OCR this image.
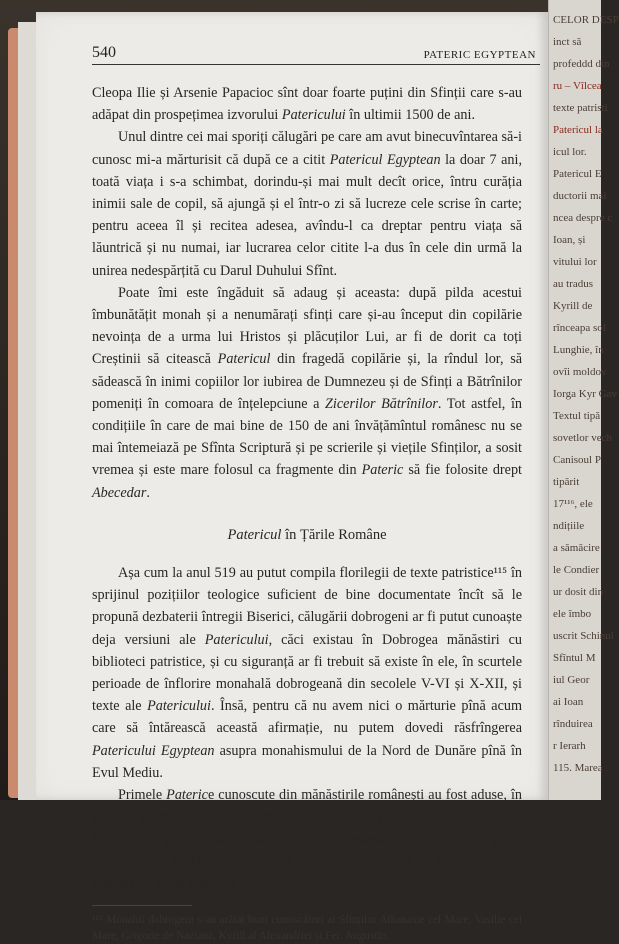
CELOR DESP
inct să
profeddd din
ru – Vîlcea
texte patristi
Patericul la
icul lor.
Patericul E
ductorii mai
ncea despre c
Ioan, și
vitului lor
au tradus
Kyrill de
rînceapa sol
Lunghie, în
ovîi moldov
Iorga Kyr Gav
Textul tipă
sovetlor vech
Canisoul P
tipărit
17¹¹⁶, ele
ndițiile
a sămăcire
le Condier
ur dosit din
ele îmbo
uscrit Schinul
Sfîntul M
iul Geor
ai Ioan
rînduirea
r Ierarh
115. Marea
540	PATERIC EGYPTEAN

Cleopa Ilie și Arsenie Papacioc sînt doar foarte puțini din Sfinții care s-au adăpat din prospețimea izvorului Patericului în ultimii 1500 de ani.

Unul dintre cei mai sporiți călugări pe care am avut binecuvîntarea să-i cunosc mi-a mărturisit că după ce a citit Patericul Egyptean la doar 7 ani, toată viața i s-a schimbat, dorindu-și mai mult decît orice, întru curăția inimii sale de copil, să ajungă și el într-o zi să lucreze cele scrise în carte; pentru aceea îl și recitea adesea, avîndu-l ca dreptar pentru viața să lăuntrică și nu numai, iar lucrarea celor citite l-a dus în cele din urmă la unirea nedespărțită cu Darul Duhului Sfînt.

Poate îmi este îngăduit să adaug și aceasta: după pilda acestui îmbunătățit monah și a nenumărați sfinți care și-au început din copilărie nevoința de a urma lui Hristos și plăcuților Lui, ar fi de dorit ca toți Creștinii să citească Patericul din fragedă copilărie și, la rîndul lor, să sădească în inimi copiilor lor iubirea de Dumnezeu și de Sfinți a Bătrînilor pomeniți în comoara de înțelepciune a Zicerilor Bătrînilor. Tot astfel, în condițiile în care de mai bine de 150 de ani învățămîntul românesc nu se mai întemeiază pe Sfînta Scriptură și pe scrierile și viețile Sfinților, a sosit vremea și este mare folosul ca fragmente din Pateric să fie folosite drept Abecedar.

Patericul în Țările Române

Așa cum la anul 519 au putut compila florilegii de texte patristice¹¹⁵ în sprijinul pozițiilor teologice suficient de bine documentate încît să le propună dezbaterii întregii Biserici, călugării dobrogeni ar fi putut cunoaște deja versiuni ale Patericului, căci existau în Dobrogea mănăstiri cu biblioteci patristice, și cu siguranță ar fi trebuit să existe în ele, în scurtele perioade de înflorire monahală dobrogeană din secolele V-VI și X-XII, și texte ale Patericului. Însă, pentru că nu avem nici o mărturie pînă acum care să întărească această afirmație, nu putem dovedi răsfrîngerea Patericului Egyptean asupra monahismului de la Nord de Dunăre pînă în Evul Mediu.

Primele Paterice cunoscute din mănăstirile românești au fost aduse, în sec. XIV, de Sfîntul Nicodim de la Tismana și de ceilalți ucenici ai Sfîntului Grigorie Sinaitul care au întemeiat mănăstirile Cozia, Bistrița de Olt, Bistrița de Neamț și Neamț. Avem în țară mai multe manuscrise slavone cu acest conținut.

¹¹⁵ Monahii dobrogeni s-au arătat buni cunoscători ai Sfinților Athanasie cel Mare, Vasilie cel Mare, Grigorie de Nazianz, Kyrill al Alexandriei și Fer. Augustin.
